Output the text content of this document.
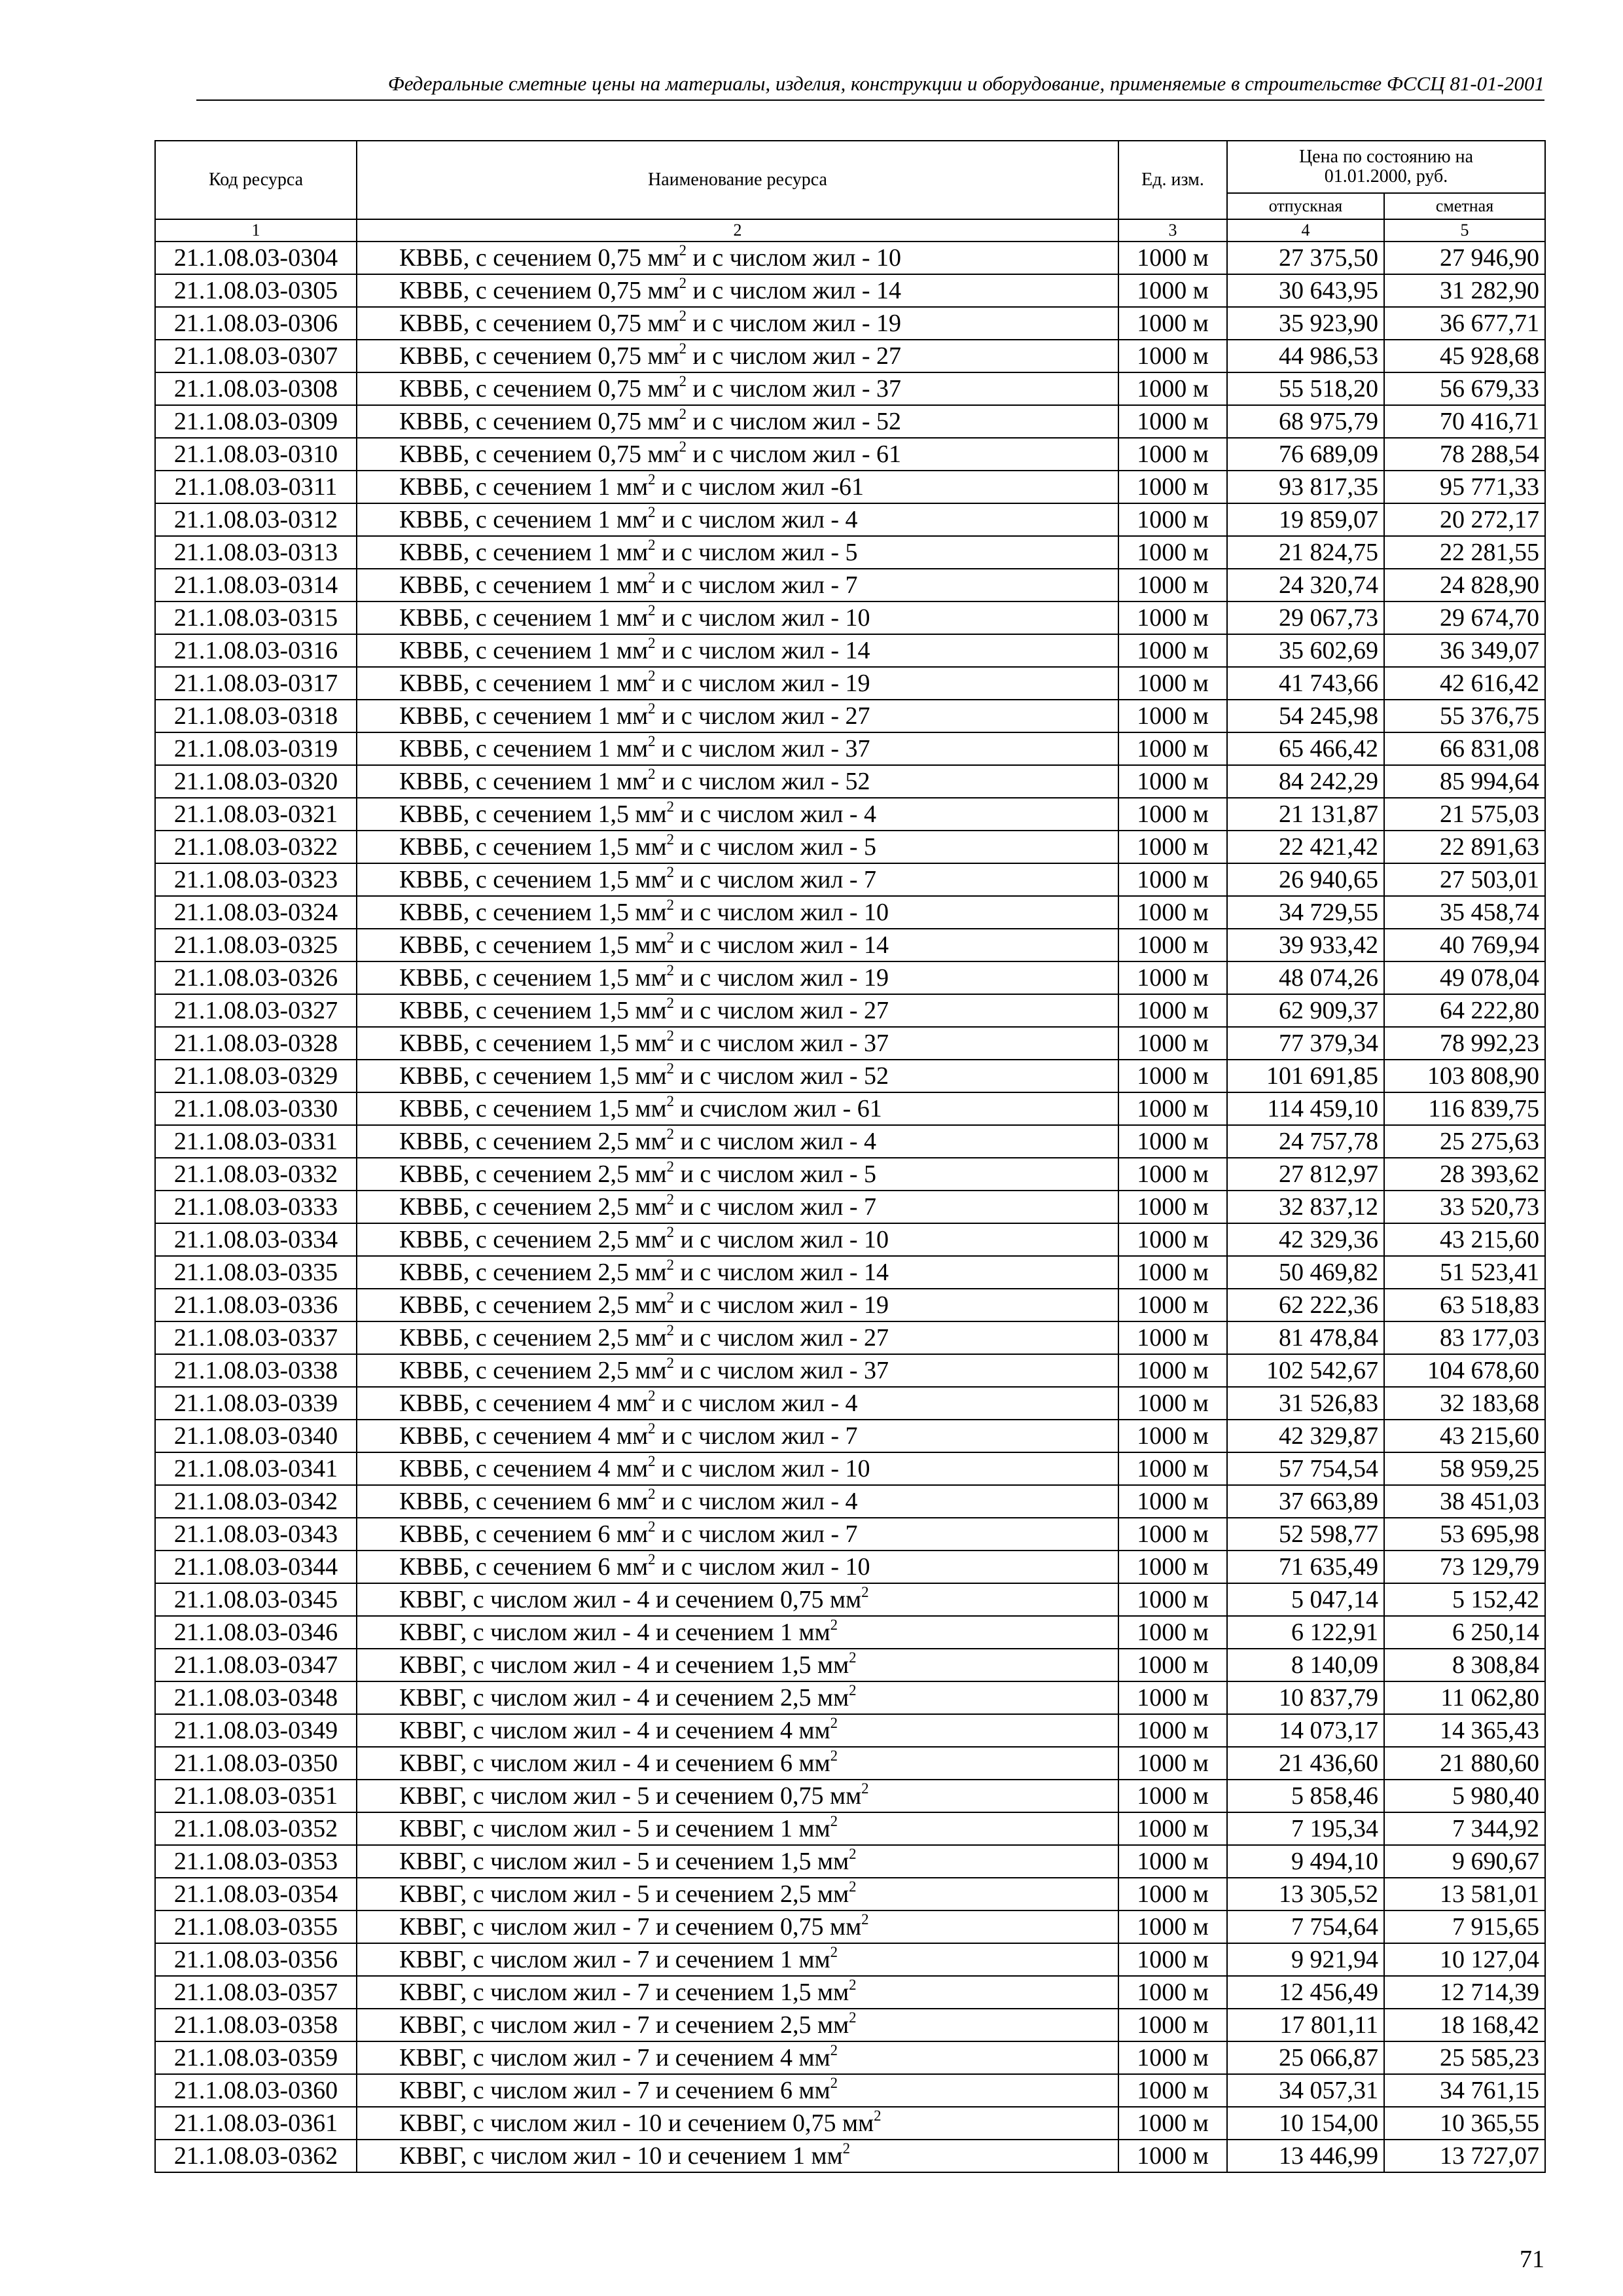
Федеральные сметные цены на материалы, изделия, конструкции и оборудование, применяемые в строительстве ФССЦ 81-01-2001
Код ресурса	Наименование ресурса	Ед. изм.	Цена по состоянию на 01.01.2000, руб.	
			отпускная	сметная
1	2	3	4	5
21.1.08.03-0304	КВВБ, с сечением 0,75 $мм^2$ и с числом жил - 10	1000 м	27 375,50	27 946,90
21.1.08.03-0305	КВВБ, с сечением 0,75 $мм^2$ и с числом жил - 14	1000 м	30 643,95	31 282,90
21.1.08.03-0306	КВВБ, с сечением 0,75 $мм^2$ и с числом жил - 19	1000 м	35 923,90	36 677,71
21.1.08.03-0307	КВВБ, с сечением 0,75 $мм^2$ и с числом жил - 27	1000 м	44 986,53	45 928,68
21.1.08.03-0308	КВВБ, с сечением 0,75 $мм^2$ и с числом жил - 37	1000 м	55 518,20	56 679,33
21.1.08.03-0309	КВВБ, с сечением 0,75 $мм^2$ и с числом жил - 52	1000 м	68 975,79	70 416,71
21.1.08.03-0310	КВВБ, с сечением 0,75 $мм^2$ и с числом жил - 61	1000 м	76 689,09	78 288,54
21.1.08.03-0311	КВВБ, с сечением 1 $мм^2$ и с числом жил -61	1000 м	93 817,35	95 771,33
21.1.08.03-0312	КВВБ, с сечением 1 $мм^2$ и с числом жил - 4	1000 м	19 859,07	20 272,17
21.1.08.03-0313	КВВБ, с сечением 1 $мм^2$ и с числом жил - 5	1000 м	21 824,75	22 281,55
21.1.08.03-0314	КВВБ, с сечением 1 $мм^2$ и с числом жил - 7	1000 м	24 320,74	24 828,90
21.1.08.03-0315	КВВБ, с сечением 1 $мм^2$ и с числом жил - 10	1000 м	29 067,73	29 674,70
21.1.08.03-0316	КВВБ, с сечением 1 $мм^2$ и с числом жил - 14	1000 м	35 602,69	36 349,07
21.1.08.03-0317	КВВБ, с сечением 1 $мм^2$ и с числом жил - 19	1000 м	41 743,66	42 616,42
21.1.08.03-0318	КВВБ, с сечением 1 $мм^2$ и с числом жил - 27	1000 м	54 245,98	55 376,75
21.1.08.03-0319	КВВБ, с сечением 1 $мм^2$ и с числом жил - 37	1000 м	65 466,42	66 831,08
21.1.08.03-0320	КВВБ, с сечением 1 $мм^2$ и с числом жил - 52	1000 м	84 242,29	85 994,64
21.1.08.03-0321	КВВБ, с сечением 1,5 $мм^2$ и с числом жил - 4	1000 м	21 131,87	21 575,03
21.1.08.03-0322	КВВБ, с сечением 1,5 $мм^2$ и с числом жил - 5	1000 м	22 421,42	22 891,63
21.1.08.03-0323	КВВБ, с сечением 1,5 $мм^2$ и с числом жил - 7	1000 м	26 940,65	27 503,01
21.1.08.03-0324	КВВБ, с сечением 1,5 $мм^2$ и с числом жил - 10	1000 м	34 729,55	35 458,74
21.1.08.03-0325	КВВБ, с сечением 1,5 $мм^2$ и с числом жил - 14	1000 м	39 933,42	40 769,94
21.1.08.03-0326	КВВБ, с сечением 1,5 $мм^2$ и с числом жил - 19	1000 м	48 074,26	49 078,04
21.1.08.03-0327	КВВБ, с сечением 1,5 $мм^2$ и с числом жил - 27	1000 м	62 909,37	64 222,80
21.1.08.03-0328	КВВБ, с сечением 1,5 $мм^2$ и с числом жил - 37	1000 м	77 379,34	78 992,23
21.1.08.03-0329	КВВБ, с сечением 1,5 $мм^2$ и с числом жил - 52	1000 м	101 691,85	103 808,90
21.1.08.03-0330	КВВБ, с сечением 1,5 $мм^2$ и счислом жил - 61	1000 м	114 459,10	116 839,75
21.1.08.03-0331	КВВБ, с сечением 2,5 $мм^2$ и с числом жил - 4	1000 м	24 757,78	25 275,63
21.1.08.03-0332	КВВБ, с сечением 2,5 $мм^2$ и с числом жил - 5	1000 м	27 812,97	28 393,62
21.1.08.03-0333	КВВБ, с сечением 2,5 $мм^2$ и с числом жил - 7	1000 м	32 837,12	33 520,73
21.1.08.03-0334	КВВБ, с сечением 2,5 $мм^2$ и с числом жил - 10	1000 м	42 329,36	43 215,60
21.1.08.03-0335	КВВБ, с сечением 2,5 $мм^2$ и с числом жил - 14	1000 м	50 469,82	51 523,41
21.1.08.03-0336	КВВБ, с сечением 2,5 $мм^2$ и с числом жил - 19	1000 м	62 222,36	63 518,83
21.1.08.03-0337	КВВБ, с сечением 2,5 $мм^2$ и с числом жил - 27	1000 м	81 478,84	83 177,03
21.1.08.03-0338	КВВБ, с сечением 2,5 $мм^2$ и с числом жил - 37	1000 м	102 542,67	104 678,60
21.1.08.03-0339	КВВБ, с сечением 4 $мм^2$ и с числом жил - 4	1000 м	31 526,83	32 183,68
21.1.08.03-0340	КВВБ, с сечением 4 $мм^2$ и с числом жил - 7	1000 м	42 329,87	43 215,60
21.1.08.03-0341	КВВБ, с сечением 4 $мм^2$ и с числом жил - 10	1000 м	57 754,54	58 959,25
21.1.08.03-0342	КВВБ, с сечением 6 $мм^2$ и с числом жил - 4	1000 м	37 663,89	38 451,03
21.1.08.03-0343	КВВБ, с сечением 6 $мм^2$ и с числом жил - 7	1000 м	52 598,77	53 695,98
21.1.08.03-0344	КВВБ, с сечением 6 $мм^2$ и с числом жил - 10	1000 м	71 635,49	73 129,79
21.1.08.03-0345	КВВГ, с числом жил - 4 и сечением 0,75 $мм^2$	1000 м	5 047,14	5 152,42
21.1.08.03-0346	КВВГ, с числом жил - 4 и сечением 1 $мм^2$	1000 м	6 122,91	6 250,14
21.1.08.03-0347	КВВГ, с числом жил - 4 и сечением 1,5 $мм^2$	1000 м	8 140,09	8 308,84
21.1.08.03-0348	КВВГ, с числом жил - 4 и сечением 2,5 $мм^2$	1000 м	10 837,79	11 062,80
21.1.08.03-0349	КВВГ, с числом жил - 4 и сечением 4 $мм^2$	1000 м	14 073,17	14 365,43
21.1.08.03-0350	КВВГ, с числом жил - 4 и сечением 6 $мм^2$	1000 м	21 436,60	21 880,60
21.1.08.03-0351	КВВГ, с числом жил - 5 и сечением 0,75 $мм^2$	1000 м	5 858,46	5 980,40
21.1.08.03-0352	КВВГ, с числом жил - 5 и сечением 1 $мм^2$	1000 м	7 195,34	7 344,92
21.1.08.03-0353	КВВГ, с числом жил - 5 и сечением 1,5 $мм^2$	1000 м	9 494,10	9 690,67
21.1.08.03-0354	КВВГ, с числом жил - 5 и сечением 2,5 $мм^2$	1000 м	13 305,52	13 581,01
21.1.08.03-0355	КВВГ, с числом жил - 7 и сечением 0,75 $мм^2$	1000 м	7 754,64	7 915,65
21.1.08.03-0356	КВВГ, с числом жил - 7 и сечением 1 $мм^2$	1000 м	9 921,94	10 127,04
21.1.08.03-0357	КВВГ, с числом жил - 7 и сечением 1,5 $мм^2$	1000 м	12 456,49	12 714,39
21.1.08.03-0358	КВВГ, с числом жил - 7 и сечением 2,5 $мм^2$	1000 м	17 801,11	18 168,42
21.1.08.03-0359	КВВГ, с числом жил - 7 и сечением 4 $мм^2$	1000 м	25 066,87	25 585,23
21.1.08.03-0360	КВВГ, с числом жил - 7 и сечением 6 $мм^2$	1000 м	34 057,31	34 761,15
21.1.08.03-0361	КВВГ, с числом жил - 10 и сечением 0,75 $мм^2$	1000 м	10 154,00	10 365,55
21.1.08.03-0362	КВВГ, с числом жил - 10 и сечением 1 $мм^2$	1000 м	13 446,99	13 727,07
71
